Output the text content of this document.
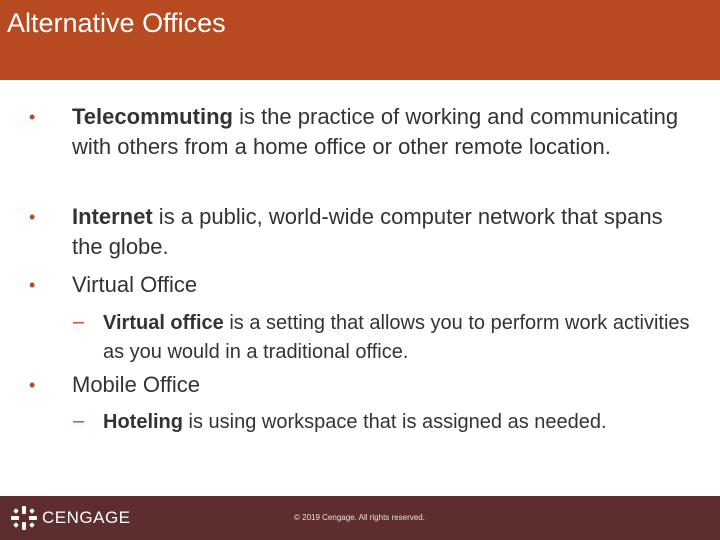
Alternative Offices
• Telecommuting is the practice of working and communicating with others from a home office or other remote location.
• Internet is a public, world-wide computer network that spans the globe.
• Virtual Office
– Virtual office is a setting that allows you to perform work activities as you would in a traditional office.
• Mobile Office
– Hoteling is using workspace that is assigned as needed.
CENGAGE	© 2019 Cengage. All rights reserved.
